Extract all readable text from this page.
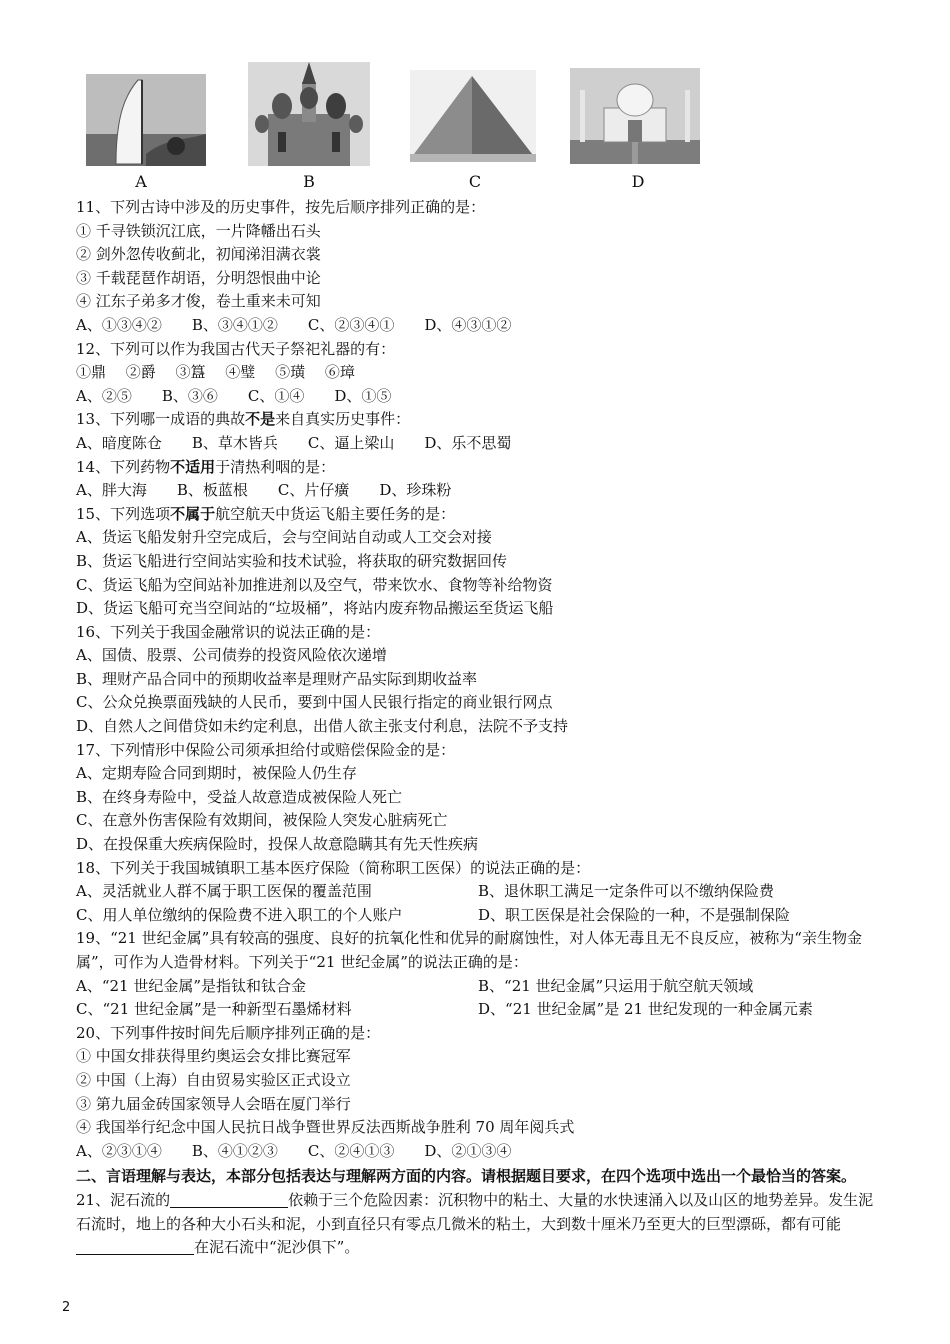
A	B	C	D
11、下列古诗中涉及的历史事件，按先后顺序排列正确的是：
① 千寻铁锁沉江底，一片降幡出石头
② 剑外忽传收蓟北，初闻涕泪满衣裳
③ 千载琵琶作胡语，分明怨恨曲中论
④ 江东子弟多才俊，卷土重来未可知
A、①③④②　　B、③④①②　　C、②③④①　　D、④③①②
12、下列可以作为我国古代天子祭祀礼器的有：
①鼎　 ②爵　 ③簋　 ④璧　 ⑤璜　 ⑥璋
A、②⑤　　B、③⑥　　C、①④　　D、①⑤
13、下列哪一成语的典故不是来自真实历史事件：
A、暗度陈仓　　B、草木皆兵　　C、逼上梁山　　D、乐不思蜀
14、下列药物不适用于清热利咽的是：
A、胖大海　　B、板蓝根　　C、片仔癀　　D、珍珠粉
15、下列选项不属于航空航天中货运飞船主要任务的是：
A、货运飞船发射升空完成后，会与空间站自动或人工交会对接
B、货运飞船进行空间站实验和技术试验，将获取的研究数据回传
C、货运飞船为空间站补加推进剂以及空气，带来饮水、食物等补给物资
D、货运飞船可充当空间站的“垃圾桶”，将站内废弃物品搬运至货运飞船
16、下列关于我国金融常识的说法正确的是：
A、国债、股票、公司债券的投资风险依次递增
B、理财产品合同中的预期收益率是理财产品实际到期收益率
C、公众兑换票面残缺的人民币，要到中国人民银行指定的商业银行网点
D、自然人之间借贷如未约定利息，出借人欲主张支付利息，法院不予支持
17、下列情形中保险公司须承担给付或赔偿保险金的是：
A、定期寿险合同到期时，被保险人仍生存
B、在终身寿险中，受益人故意造成被保险人死亡
C、在意外伤害保险有效期间，被保险人突发心脏病死亡
D、在投保重大疾病保险时，投保人故意隐瞒其有先天性疾病
18、下列关于我国城镇职工基本医疗保险（简称职工医保）的说法正确的是：
A、灵活就业人群不属于职工医保的覆盖范围	B、退休职工满足一定条件可以不缴纳保险费
C、用人单位缴纳的保险费不进入职工的个人账户	D、职工医保是社会保险的一种，不是强制保险
19、“21 世纪金属”具有较高的强度、良好的抗氧化性和优异的耐腐蚀性，对人体无毒且无不良反应，被称为“亲生物金属”，可作为人造骨材料。下列关于“21 世纪金属”的说法正确的是：
A、“21 世纪金属”是指钛和钛合金	B、“21 世纪金属”只运用于航空航天领域
C、“21 世纪金属”是一种新型石墨烯材料	D、“21 世纪金属”是 21 世纪发现的一种金属元素
20、下列事件按时间先后顺序排列正确的是：
① 中国女排获得里约奥运会女排比赛冠军
② 中国（上海）自由贸易实验区正式设立
③ 第九届金砖国家领导人会晤在厦门举行
④ 我国举行纪念中国人民抗日战争暨世界反法西斯战争胜利 70 周年阅兵式
A、②③①④　　B、④①②③　　C、②④①③　　D、②①③④
二、言语理解与表达，本部分包括表达与理解两方面的内容。请根据题目要求，在四个选项中选出一个最恰当的答案。
21、泥石流的	依赖于三个危险因素：沉积物中的粘土、大量的水快速涌入以及山区的地势差异。发生泥石流时，地上的各种大小石头和泥，小到直径只有零点几微米的粘土，大到数十厘米乃至更大的巨型漂砾，都有可能在泥石流中“泥沙俱下”。
2
